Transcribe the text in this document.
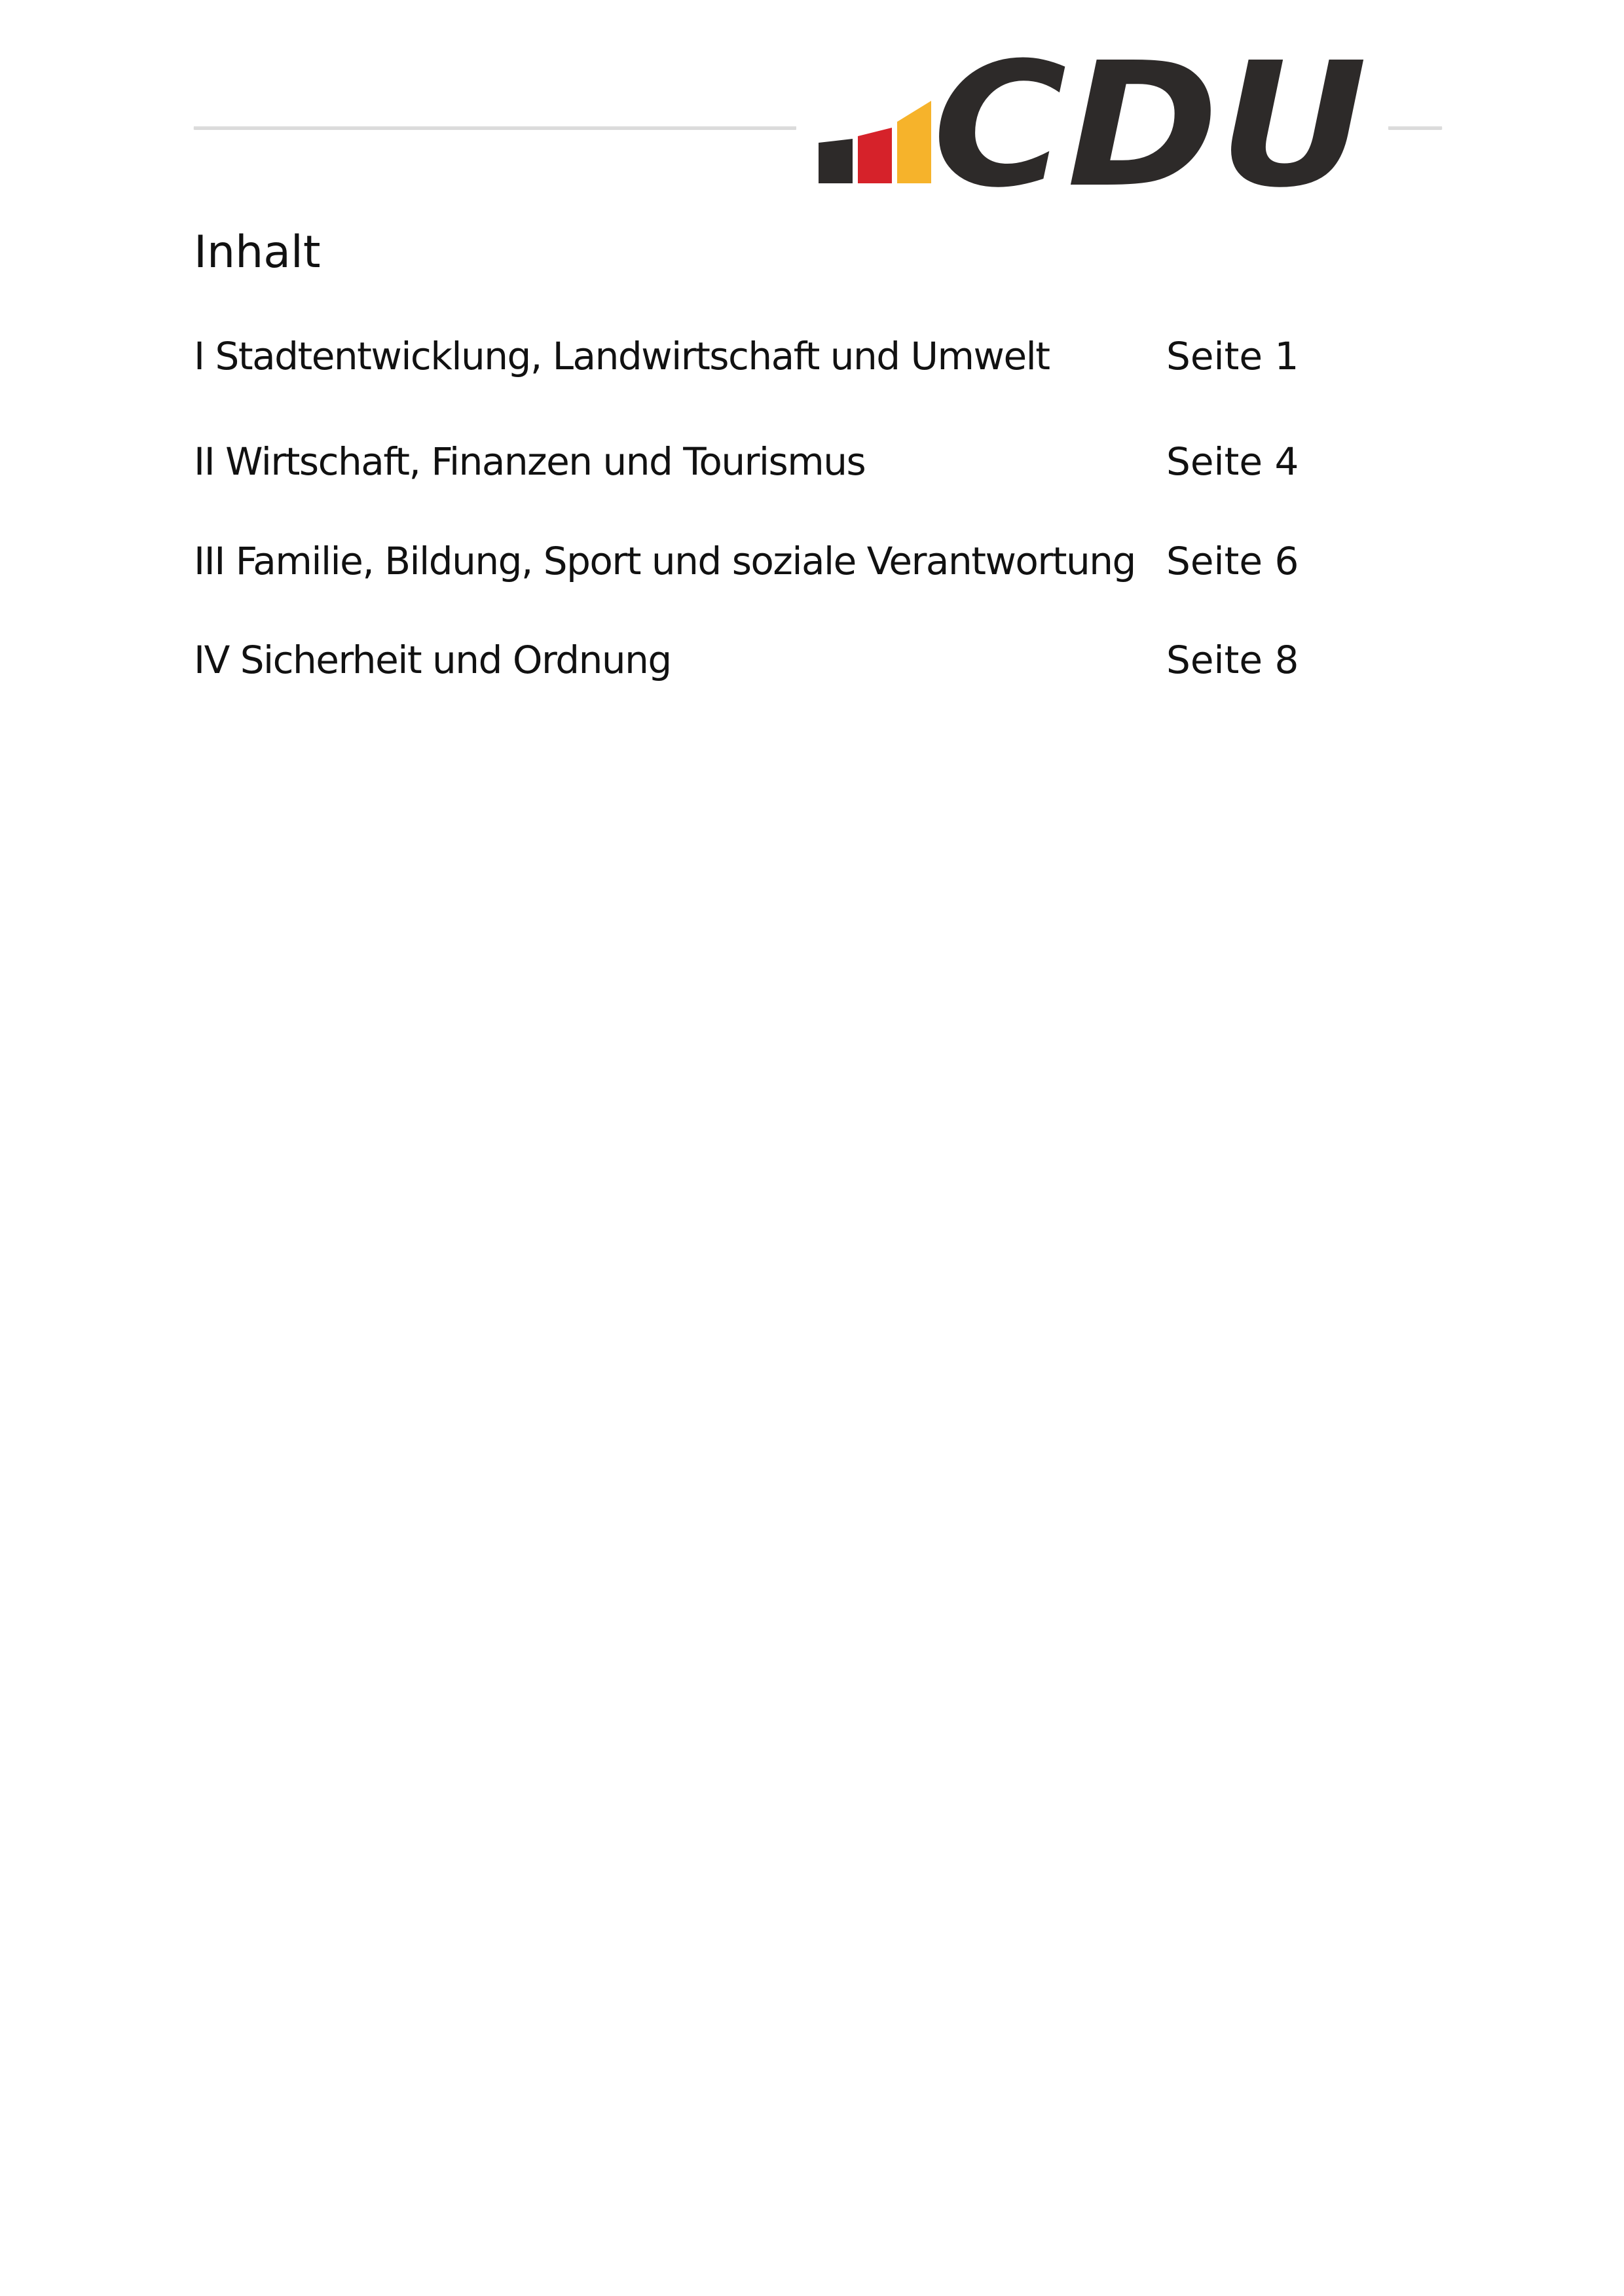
CDU
Inhalt
I Stadtentwicklung, Landwirtschaft und Umwelt	Seite 1
II Wirtschaft, Finanzen und Tourismus	Seite 4
III Familie, Bildung, Sport und soziale Verantwortung Seite 6
IV Sicherheit und Ordnung	Seite 8
